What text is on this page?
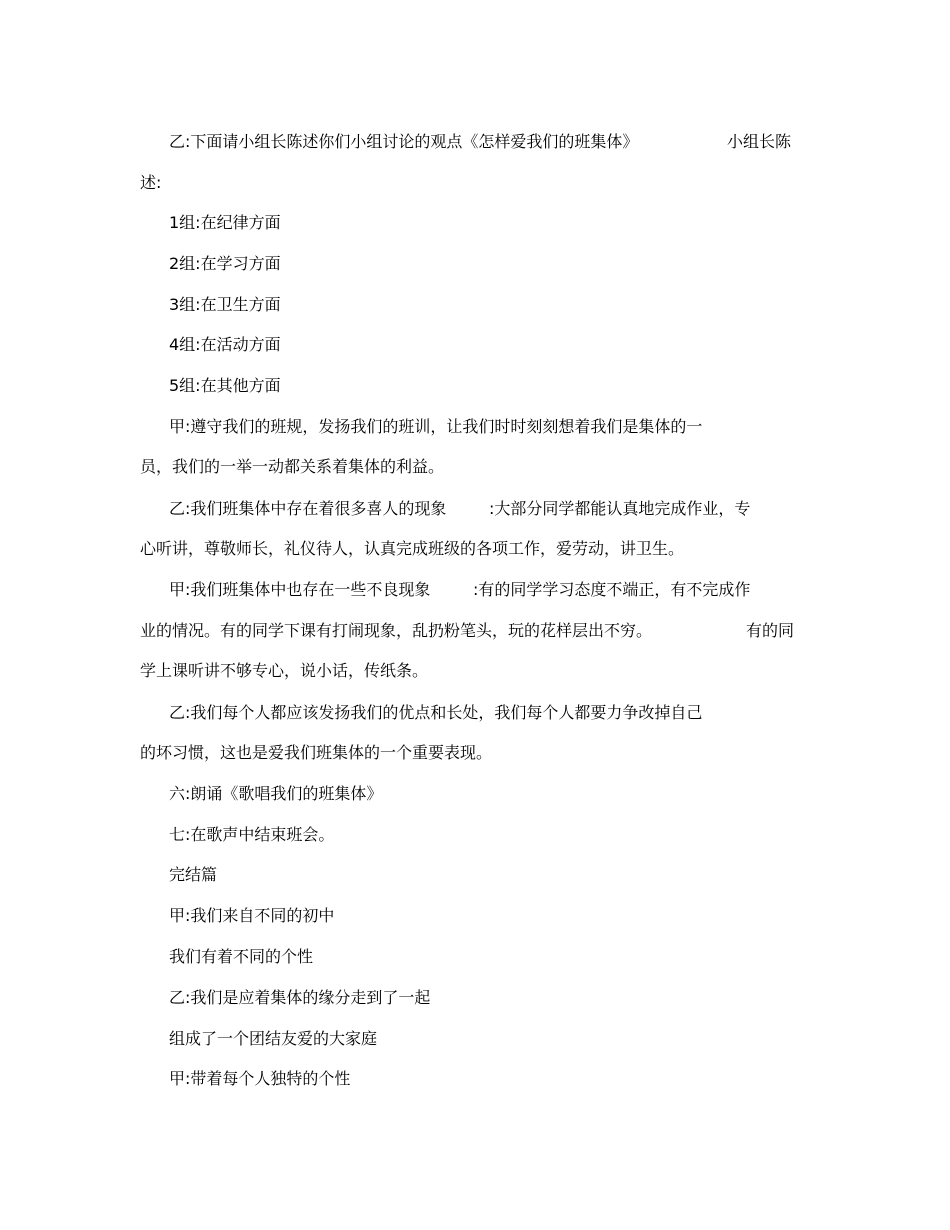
乙:下面请小组长陈述你们小组讨论的观点《怎样爱我们的班集体》	小组长陈
述:
1组:在纪律方面
2组:在学习方面
3组:在卫生方面
4组:在活动方面
5组:在其他方面
甲:遵守我们的班规，发扬我们的班训，让我们时时刻刻想着我们是集体的一
员，我们的一举一动都关系着集体的利益。
乙:我们班集体中存在着很多喜人的现象	:大部分同学都能认真地完成作业，专
心听讲，尊敬师长，礼仪待人，认真完成班级的各项工作，爱劳动，讲卫生。
甲:我们班集体中也存在一些不良现象	:有的同学学习态度不端正，有不完成作
业的情况。有的同学下课有打闹现象，乱扔粉笔头，玩的花样层出不穷。	有的同
学上课听讲不够专心，说小话，传纸条。
乙:我们每个人都应该发扬我们的优点和长处，我们每个人都要力争改掉自己
的坏习惯，这也是爱我们班集体的一个重要表现。
六:朗诵《歌唱我们的班集体》
七:在歌声中结束班会。
完结篇
甲:我们来自不同的初中
我们有着不同的个性
乙:我们是应着集体的缘分走到了一起
组成了一个团结友爱的大家庭
甲:带着每个人独特的个性
